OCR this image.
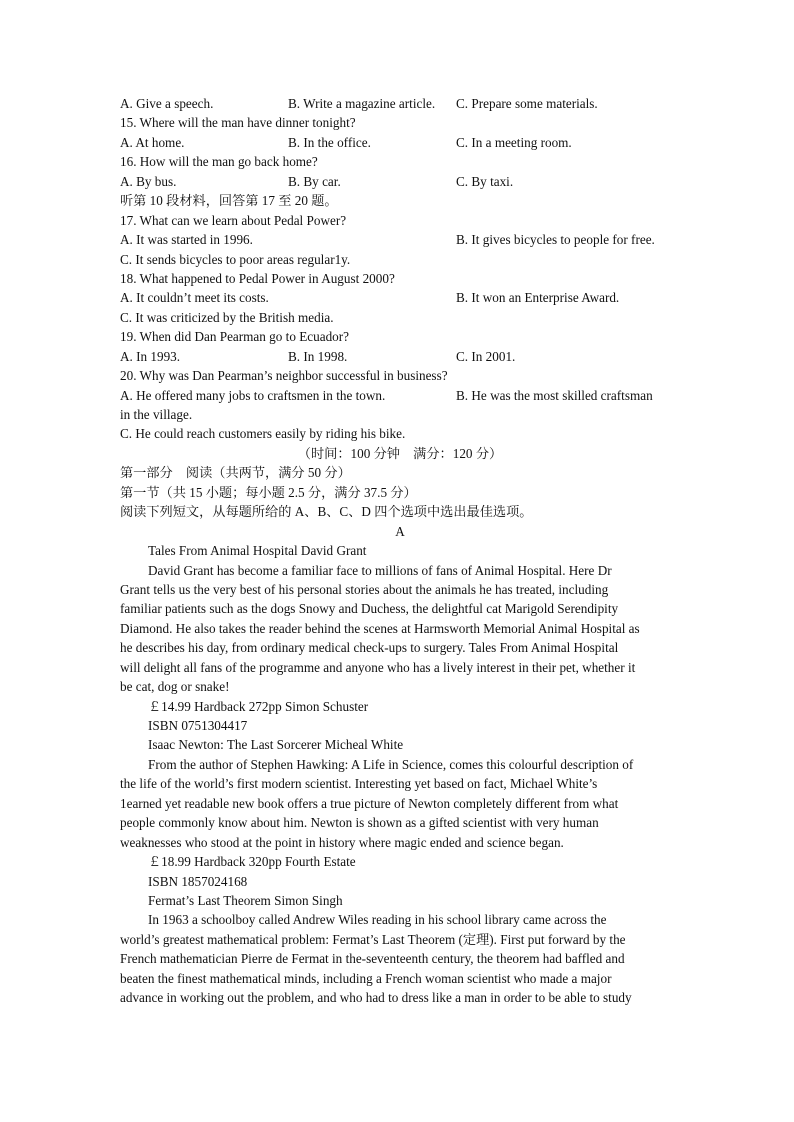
A. Give a speech.	B. Write a magazine article. C. Prepare some materials.
15. Where will the man have dinner tonight?
A. At home.	B. In the office.	C. In a meeting room.
16. How will the man go back home?
A. By bus.	B. By car.	C. By taxi.
听第 10 段材料，回答第 17 至 20 题。
17. What can we learn about Pedal Power?
A. It was started in 1996.	B. It gives bicycles to people for free.
C. It sends bicycles to poor areas regular1y.
18. What happened to Pedal Power in August 2000?
A. It couldn’t meet its costs.	B. It won an Enterprise Award.
C. It was criticized by the British media.
19. When did Dan Pearman go to Ecuador?
A. In 1993.	B. In 1998.	C. In 2001.
20. Why was Dan Pearman’s neighbor successful in business?
A. He offered many jobs to craftsmen in the town.	B. He was the most skilled craftsman
in the village.
C. He could reach customers easily by riding his bike.
（时间：100 分钟　满分：120 分）
第一部分　阅读（共两节，满分 50 分）
第一节（共 15 小题；每小题 2.5 分，满分 37.5 分）
阅读下列短文，从每题所给的 A、B、C、D 四个选项中选出最佳选项。
A
Tales From Animal Hospital David Grant
David Grant has become a familiar face to millions of fans of Animal Hospital. Here Dr
Grant tells us the very best of his personal stories about the animals he has treated, including
familiar patients such as the dogs Snowy and Duchess, the delightful cat Marigold Serendipity
Diamond. He also takes the reader behind the scenes at Harmsworth Memorial Animal Hospital as
he describes his day, from ordinary medical check-ups to surgery. Tales From Animal Hospital
will delight all fans of the programme and anyone who has a lively interest in their pet, whether it
be cat, dog or snake!
￡14.99 Hardback 272pp Simon Schuster
ISBN 0751304417
Isaac Newton: The Last Sorcerer Micheal White
From the author of Stephen Hawking: A Life in Science, comes this colourful description of
the life of the world’s first modern scientist. Interesting yet based on fact, Michael White’s
1earned yet readable new book offers a true picture of Newton completely different from what
people commonly know about him. Newton is shown as a gifted scientist with very human
weaknesses who stood at the point in history where magic ended and science began.
￡18.99 Hardback 320pp Fourth Estate
ISBN 1857024168
Fermat’s Last Theorem Simon Singh
In 1963 a schoolboy called Andrew Wiles reading in his school library came across the
world’s greatest mathematical problem: Fermat’s Last Theorem (定理). First put forward by the
French mathematician Pierre de Fermat in the-seventeenth century, the theorem had baffled and
beaten the finest mathematical minds, including a French woman scientist who made a major
advance in working out the problem, and who had to dress like a man in order to be able to study
